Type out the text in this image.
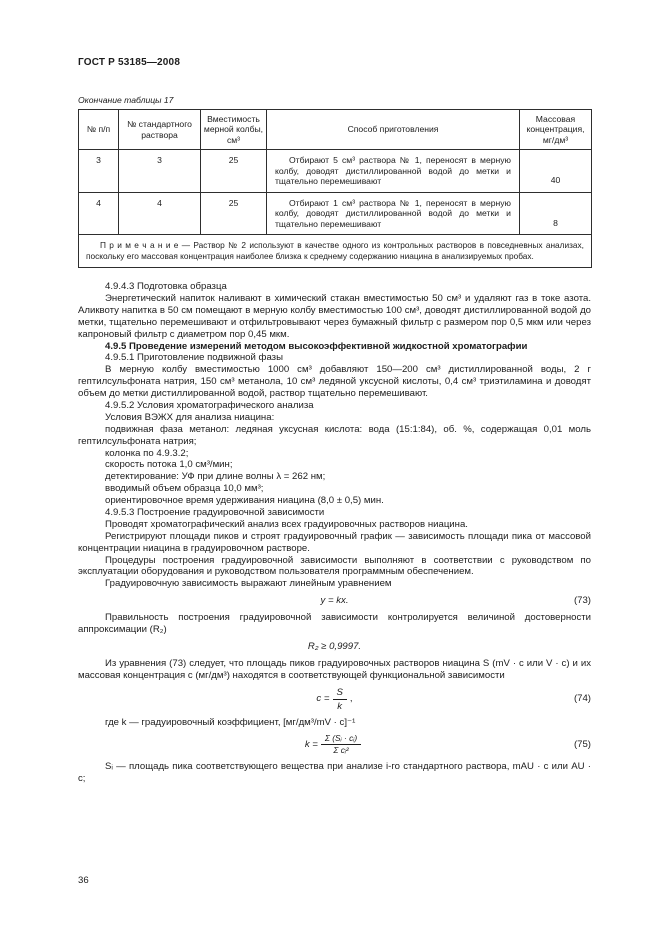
ГОСТ Р 53185—2008
Окончание таблицы 17
№ п/п	№ стандартного раствора	Вместимость мерной колбы, см³	Способ приготовления	Массовая концентрация, мг/дм³
3	3	25	Отбирают 5 см³ раствора № 1, переносят в мерную колбу, доводят дистиллированной водой до метки и тщательно перемешивают	40
4	4	25	Отбирают 1 см³ раствора № 1, переносят в мерную колбу, доводят дистиллированной водой до метки и тщательно перемешивают	8
П р и м е ч а н и е — Раствор № 2 используют в качестве одного из контрольных растворов в повседневных анализах, поскольку его массовая концентрация наиболее близка к среднему содержанию ниацина в анализируемых пробах.				

4.9.4.3 Подготовка образца

Энергетический напиток наливают в химический стакан вместимостью 50 см³ и удаляют газ в токе азота. Аликвоту напитка в 50 см помещают в мерную колбу вместимостью 100 см³, доводят дистиллированной водой до метки, тщательно перемешивают и отфильтровывают через бумажный фильтр с размером пор 0,5 мкм или через капроновый фильтр с диаметром пор 0,45 мкм.

4.9.5 Проведение измерений методом высокоэффективной жидкостной хроматографии

4.9.5.1 Приготовление подвижной фазы

В мерную колбу вместимостью 1000 см³ добавляют 150—200 см³ дистиллированной воды, 2 г гептилсульфоната натрия, 150 см³ метанола, 10 см³ ледяной уксусной кислоты, 0,4 см³ триэтиламина и доводят объем до метки дистиллированной водой, раствор тщательно перемешивают.

4.9.5.2 Условия хроматографического анализа

Условия ВЭЖХ для анализа ниацина:

подвижная фаза метанол: ледяная уксусная кислота: вода (15:1:84), об. %, содержащая 0,01 моль гептилсульфоната натрия;

колонка по 4.9.3.2;

скорость потока 1,0 см³/мин;

детектирование: УФ при длине волны λ = 262 нм;

вводимый объем образца 10,0 мм³;

ориентировочное время удерживания ниацина (8,0 ± 0,5) мин.

4.9.5.3 Построение градуировочной зависимости

Проводят хроматографический анализ всех градуировочных растворов ниацина.

Регистрируют площади пиков и строят градуировочный график — зависимость площади пика от массовой концентрации ниацина в градуировочном растворе.

Процедуры построения градуировочной зависимости выполняют в соответствии с руководством по эксплуатации оборудования и руководством пользователя программным обеспечением.

Градуировочную зависимость выражают линейным уравнением

y = kx.	(73)

Правильность построения градуировочной зависимости контролируется величиной достоверности аппроксимации (R₂)

R₂ ≥ 0,9997.

Из уравнения (73) следует, что площадь пиков градуировочных растворов ниацина S (mV · с или V · с) и их массовая концентрация с (мг/дм³) находятся в соответствующей функциональной зависимости

$c = \frac{S}{k}$ ,	(74)

где k — градуировочный коэффициент, [мг/дм³/mV · с]⁻¹

$k = \frac{\text{Σ (Sᵢ · cᵢ)}}{\text{Σ cᵢ²}}$	(75)

Sᵢ — площадь пика соответствующего вещества при анализе i-го стандартного раствора, mAU · с или AU · с;

36
